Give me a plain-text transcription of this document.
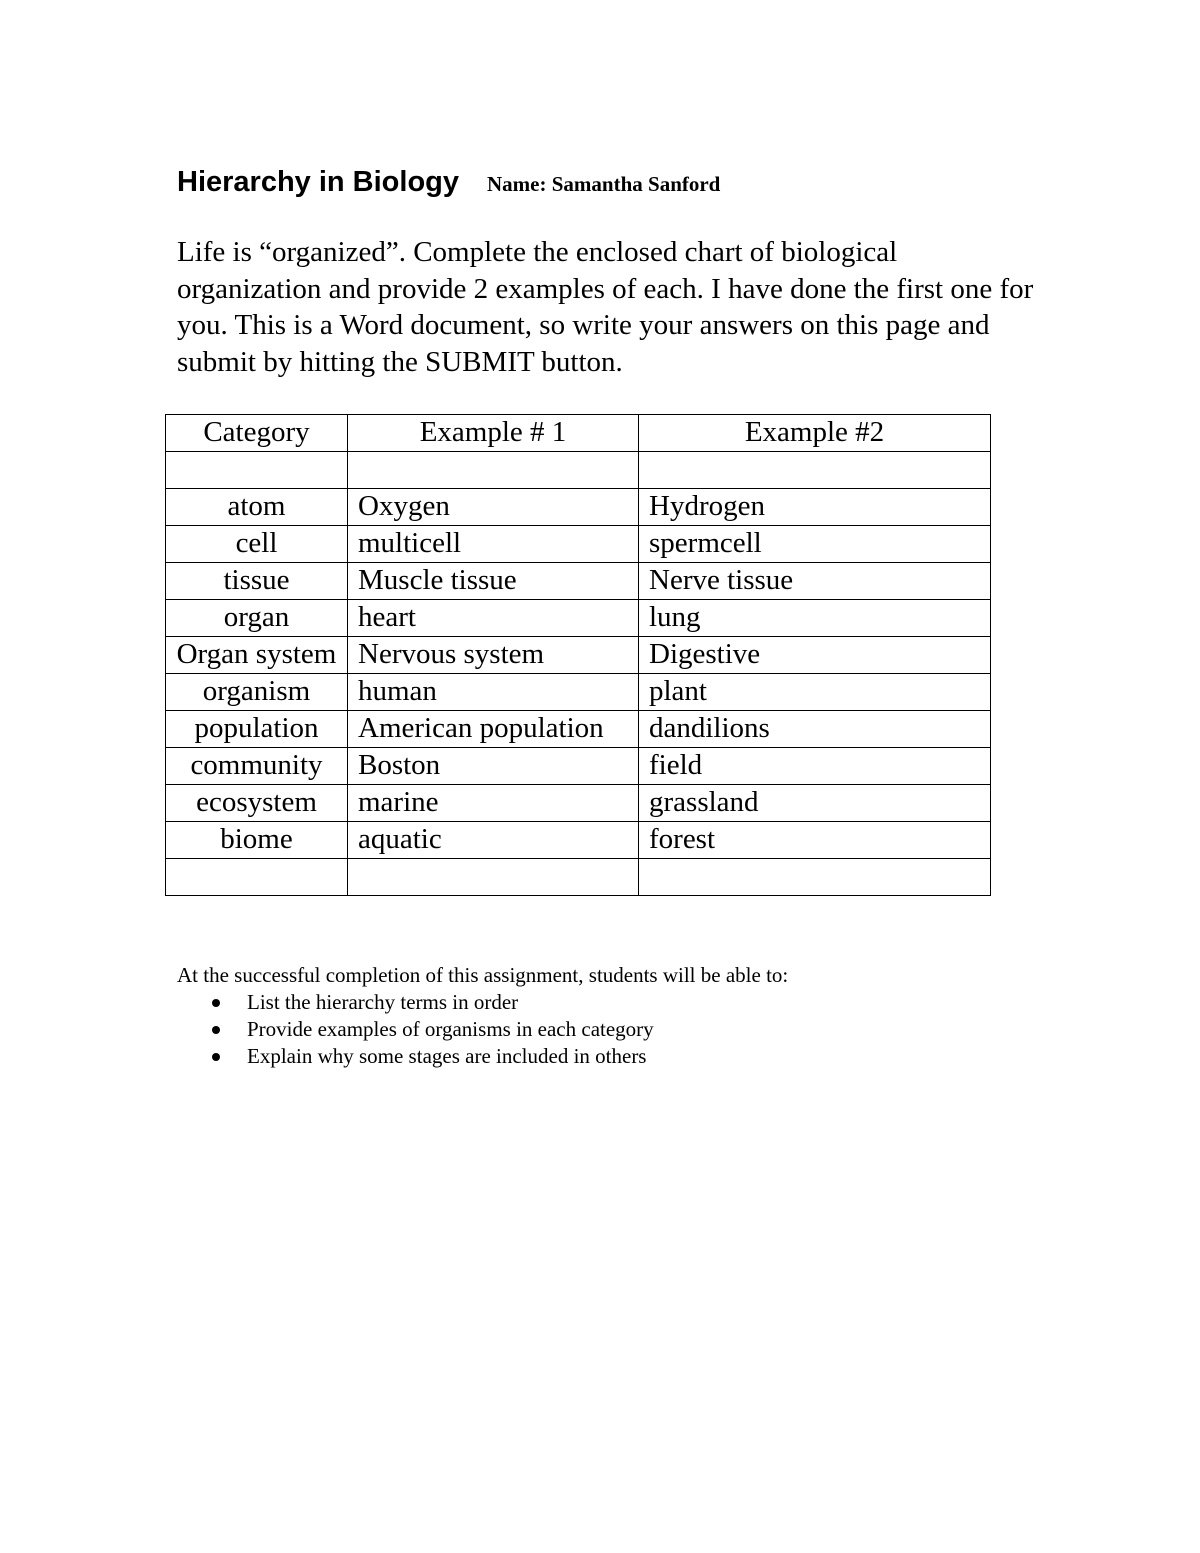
Hierarchy in Biology Name: Samantha Sanford

Life is “organized”. Complete the enclosed chart of biological organization and provide 2 examples of each. I have done the first one for you. This is a Word document, so write your answers on this page and submit by hitting the SUBMIT button.

Category	Example # 1	Example #2

atom	Oxygen	Hydrogen
cell	multicell	spermcell
tissue	Muscle tissue	Nerve tissue
organ	heart	lung
Organ system	Nervous system	Digestive
organism	human	plant
population	American population	dandilions
community	Boston	field
ecosystem	marine	grassland
biome	aquatic	forest

At the successful completion of this assignment, students will be able to:
List the hierarchy terms in order
Provide examples of organisms in each category
Explain why some stages are included in others
